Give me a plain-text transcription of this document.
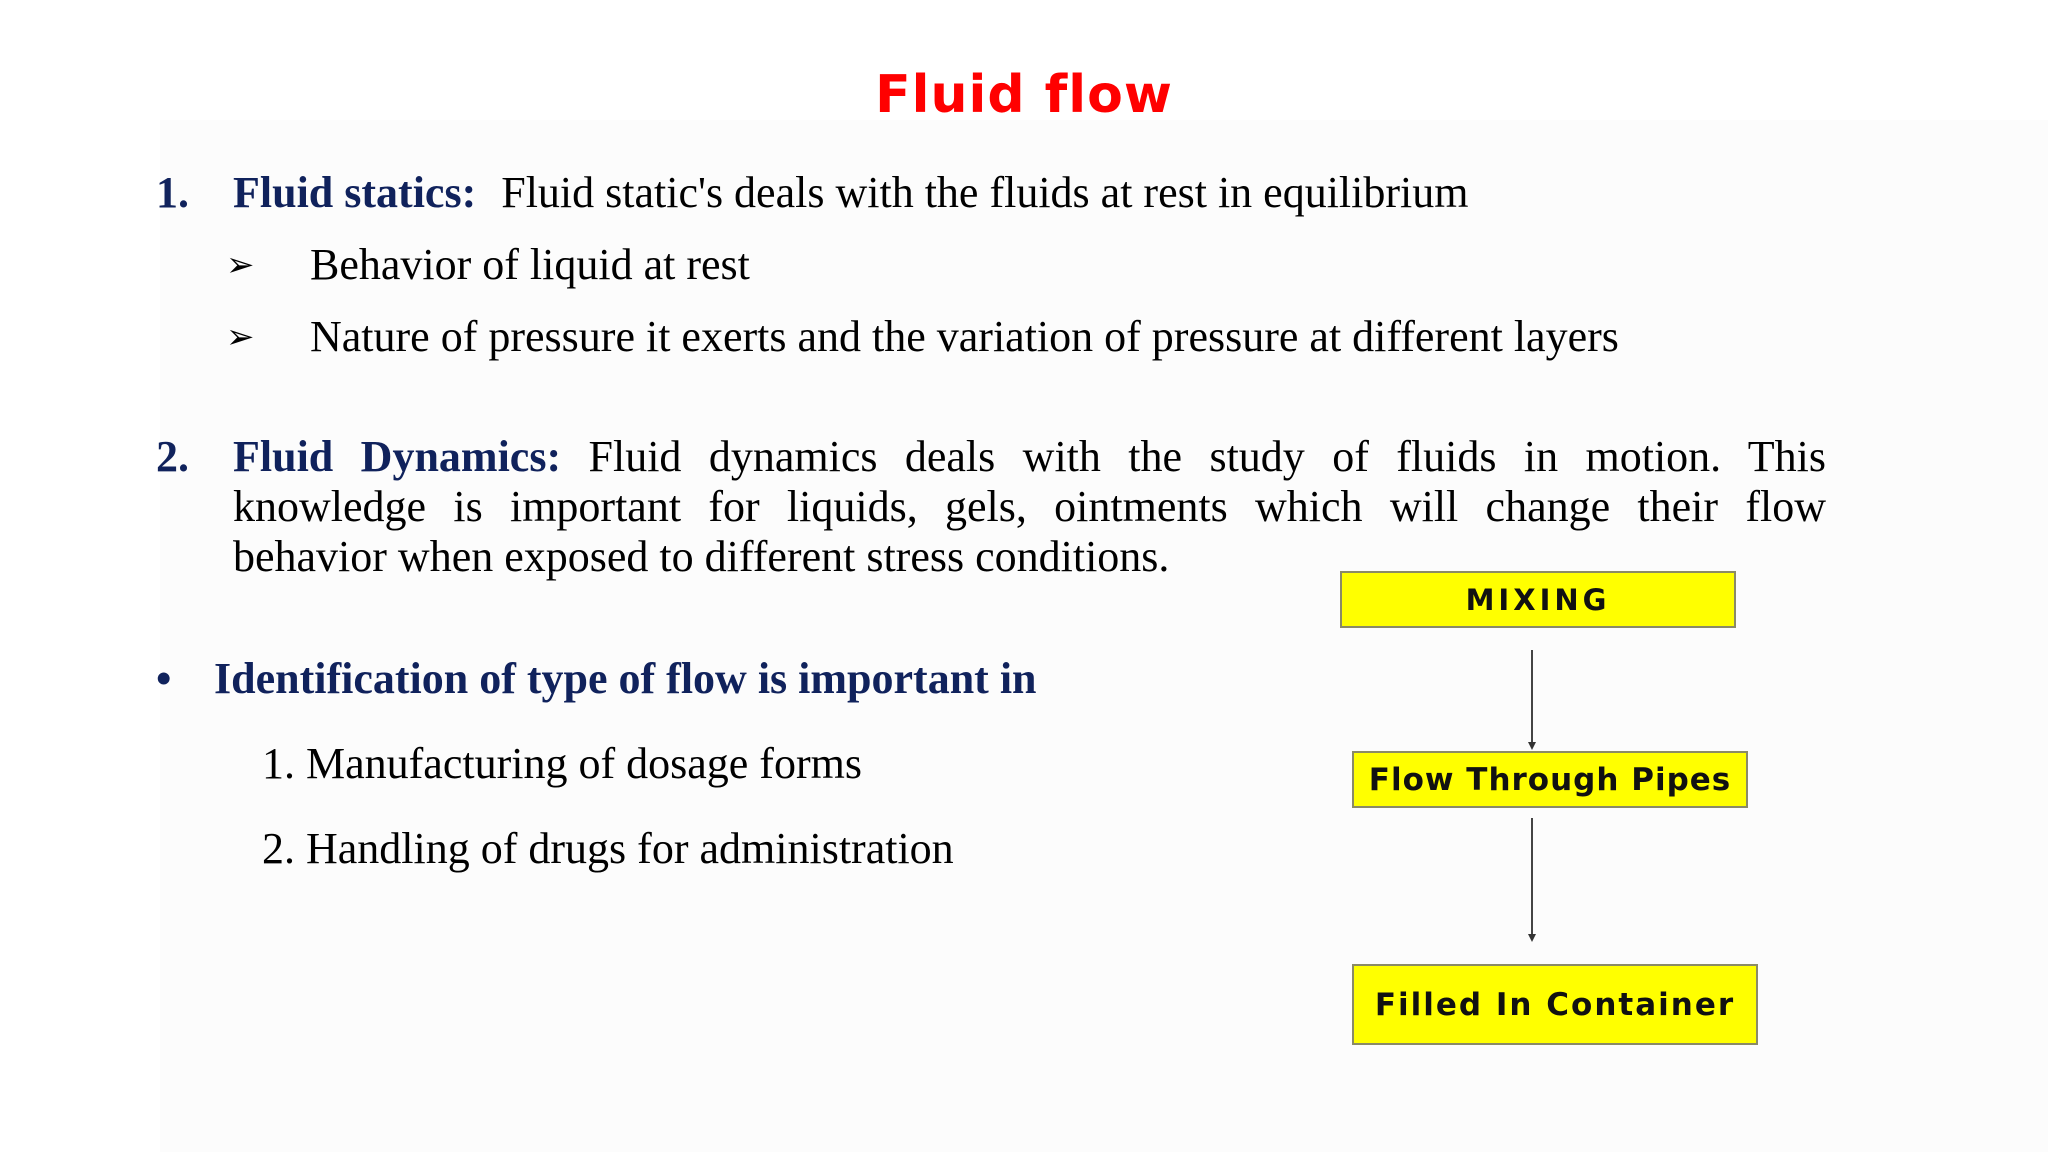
Fluid flow
1. Fluid statics: Fluid static's deals with the fluids at rest in equilibrium
➢ Behavior of liquid at rest
➢ Nature of pressure it exerts and the variation of pressure at different layers
2. Fluid Dynamics: Fluid dynamics deals with the study of fluids in motion. This
knowledge is important for liquids, gels, ointments which will change their flow
behavior when exposed to different stress conditions.
• Identification of type of flow is important in
1. Manufacturing of dosage forms
2. Handling of drugs for administration
MIXING
Flow Through Pipes
Filled In Container
